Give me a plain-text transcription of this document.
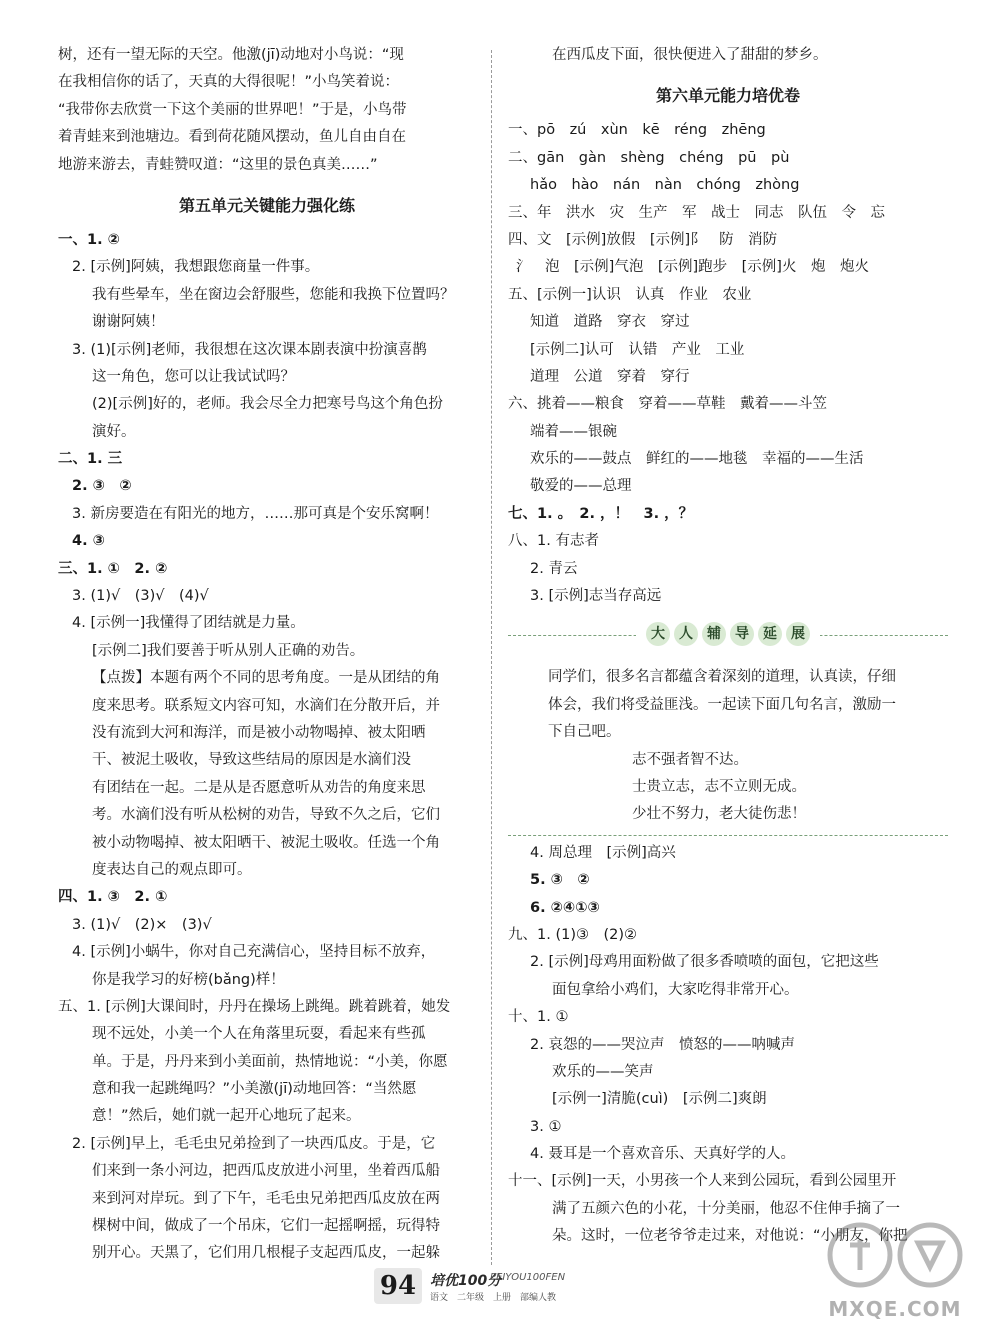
树，还有一望无际的天空。他激(jī)动地对小鸟说：“现
在我相信你的话了，天真的大得很呢！”小鸟笑着说：
“我带你去欣赏一下这个美丽的世界吧！”于是，小鸟带
着青蛙来到池塘边。看到荷花随风摆动，鱼儿自由自在
地游来游去，青蛙赞叹道：“这里的景色真美……”
第五单元关键能力强化练
一、1. ②
2. [示例]阿姨，我想跟您商量一件事。
我有些晕车，坐在窗边会舒服些，您能和我换下位置吗？
谢谢阿姨！
3. (1)[示例]老师，我很想在这次课本剧表演中扮演喜鹊
这一角色，您可以让我试试吗？
(2)[示例]好的，老师。我会尽全力把寒号鸟这个角色扮
演好。
二、1. 三
2. ③　②
3. 新房要造在有阳光的地方，……那可真是个安乐窝啊！
4. ③
三、1. ①　2. ②
3. (1)√　(3)√　(4)√
4. [示例一]我懂得了团结就是力量。
[示例二]我们要善于听从别人正确的劝告。
【点拨】本题有两个不同的思考角度。一是从团结的角
度来思考。联系短文内容可知，水滴们在分散开后，并
没有流到大河和海洋，而是被小动物喝掉、被太阳晒
干、被泥土吸收，导致这些结局的原因是水滴们没
有团结在一起。二是从是否愿意听从劝告的角度来思
考。水滴们没有听从松树的劝告，导致不久之后，它们
被小动物喝掉、被太阳晒干、被泥土吸收。任选一个角
度表达自己的观点即可。
四、1. ③　2. ①
3. (1)√　(2)×　(3)√
4. [示例]小蜗牛，你对自己充满信心，坚持目标不放弃，
你是我学习的好榜(bǎng)样！
五、1. [示例]大课间时，丹丹在操场上跳绳。跳着跳着，她发
现不远处，小美一个人在角落里玩耍，看起来有些孤
单。于是，丹丹来到小美面前，热情地说：“小美，你愿
意和我一起跳绳吗？”小美激(jī)动地回答：“当然愿
意！”然后，她们就一起开心地玩了起来。
2. [示例]早上，毛毛虫兄弟捡到了一块西瓜皮。于是，它
们来到一条小河边，把西瓜皮放进小河里，坐着西瓜船
来到河对岸玩。到了下午，毛毛虫兄弟把西瓜皮放在两
棵树中间，做成了一个吊床，它们一起摇啊摇，玩得特
别开心。天黑了，它们用几根棍子支起西瓜皮，一起躲
在西瓜皮下面，很快便进入了甜甜的梦乡。
第六单元能力培优卷
一、pō　zú　xùn　kē　réng　zhēng
二、gān　gàn　shèng　chéng　pū　pù
hǎo　hào　nán　nàn　chóng　zhòng
三、年　洪水　灾　生产　军　战士　同志　队伍　令　忘
四、文　[示例]放假　[示例]阝　防　消防
氵　泡　[示例]气泡　[示例]跑步　[示例]火　炮　炮火
五、[示例一]认识　认真　作业　农业
知道　道路　穿衣　穿过
[示例二]认可　认错　产业　工业
道理　公道　穿着　穿行
六、挑着——粮食　穿着——草鞋　戴着——斗笠
端着——银碗
欢乐的——鼓点　鲜红的——地毯　幸福的——生活
敬爱的——总理
七、1. 。　2. ，！　3. ，？
八、1. 有志者
2. 青云
3. [示例]志当存高远
大	人	辅	导	延	展
同学们，很多名言都蕴含着深刻的道理，认真读，仔细
体会，我们将受益匪浅。一起读下面几句名言，激励一
下自己吧。
志不强者智不达。
士贵立志，志不立则无成。
少壮不努力，老大徒伤悲！
4. 周总理　[示例]高兴
5. ③　②
6. ②④①③
九、1. (1)③　(2)②
2. [示例]母鸡用面粉做了很多香喷喷的面包，它把这些
面包拿给小鸡们，大家吃得非常开心。
十、1. ①
2. 哀怨的——哭泣声　愤怒的——呐喊声
欢乐的——笑声
[示例一]清脆(cuì)　[示例二]爽朗
3. ①
4. 聂耳是一个喜欢音乐、天真好学的人。
十一、[示例]一天，小男孩一个人来到公园玩，看到公园里开
满了五颜六色的小花，十分美丽，他忍不住伸手摘了一
朵。这时，一位老爷爷走过来，对他说：“小朋友，你把
94 培优100分
PEIYOU100FEN
语文　二年级　上册　部编人教	MXQE.COM
